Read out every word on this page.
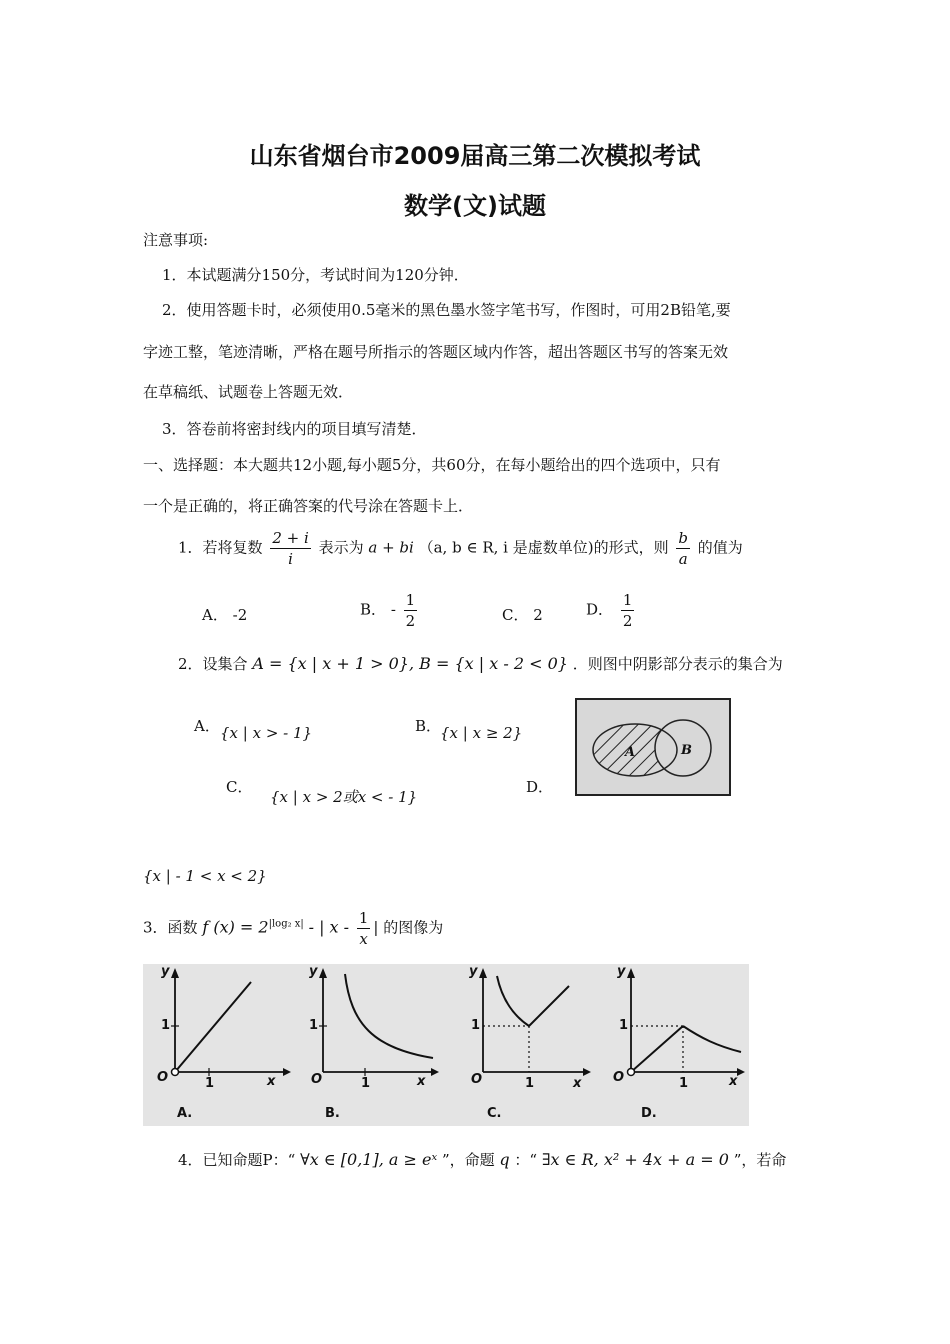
山东省烟台市2009届高三第二次模拟考试
数学(文)试题
注意事项:
1．本试题满分150分，考试时间为120分钟．
2．使用答题卡时，必须使用0.5毫米的黑色墨水签字笔书写，作图时，可用2B铅笔,要
字迹工整，笔迹清晰，严格在题号所指示的答题区域内作答，超出答题区书写的答案无效
在草稿纸、试题卷上答题无效．
3．答卷前将密封线内的项目填写清楚．
一、选择题：本大题共12小题,每小题5分，共60分，在每小题给出的四个选项中，只有
一个是正确的，将正确答案的代号涂在答题卡上．
1．若将复数 $\frac{2 + i}{i}$ 表示为 a + bi （a, b ∈ R, i 是虚数单位)的形式，则 $\frac{b}{a}$ 的值为
A． -2	B． - $\frac{1}{2}$	C． 2	D． $\frac{1}{2}$
2．设集合 A = {x | x + 1 > 0}, B = {x | x - 2 < 0} ．则图中阴影部分表示的集合为
A． {x | x > - 1}	B．
{x | x ≥ 2}
C．
{x | x > 2或x < - 1}
D．
{x | - 1 < x < 2}
A	B
3．函数 f $(x) = 2^{|log_2 x|}$ - | x - $\frac{1}{x}$ | 的图像为
y
x
O
1
1
A.
y
x
O
1
1
B.
y
x
O
1
1
C.
y
x
O
1
1
D.
4．已知命题P：“ ∀x ∈ [0,1], a ≥ eˣ ”，命题 q ：“ ∃x ∈ R, x² + 4x + a = 0 ”，若命
